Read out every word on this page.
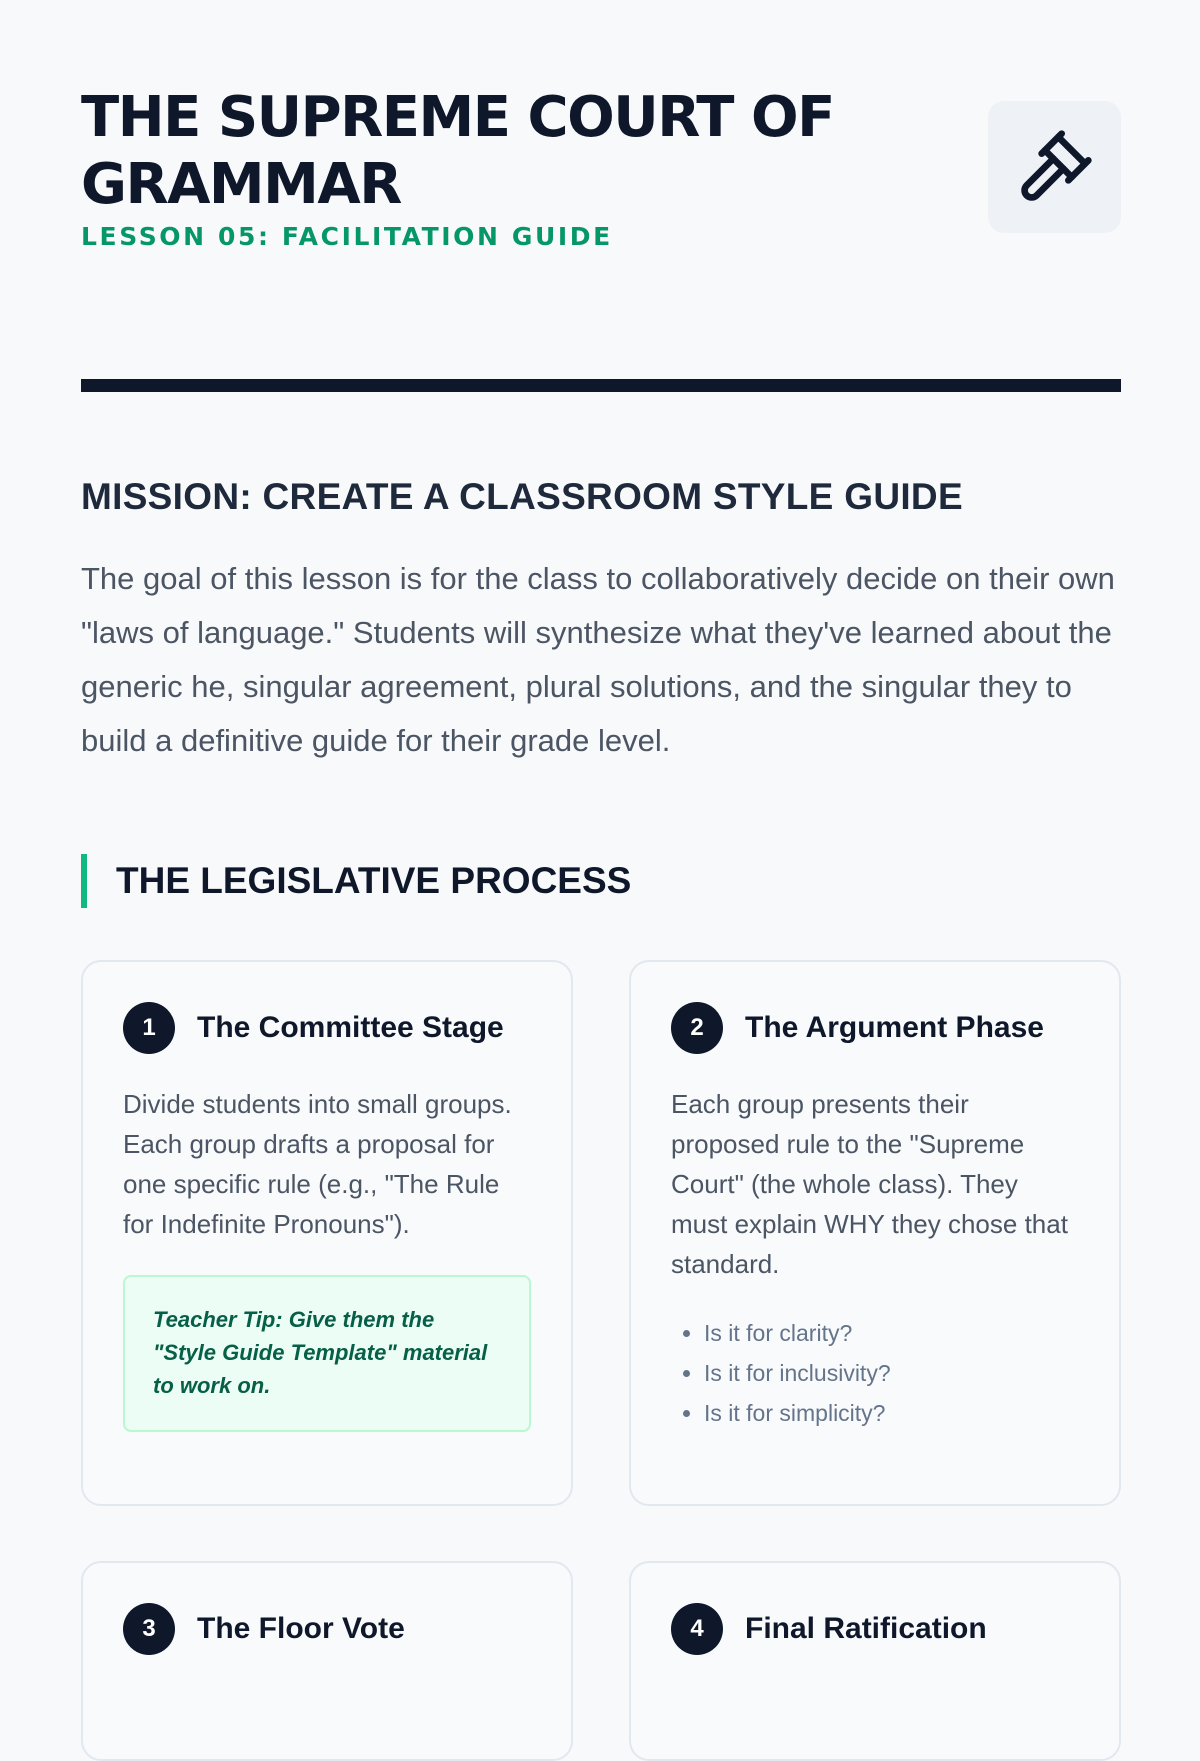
THE SUPREME COURT OF GRAMMAR
LESSON 05: FACILITATION GUIDE
MISSION: CREATE A CLASSROOM STYLE GUIDE
The goal of this lesson is for the class to collaboratively decide on their own "laws of language." Students will synthesize what they've learned about the generic he, singular agreement, plural solutions, and the singular they to build a definitive guide for their grade level.
THE LEGISLATIVE PROCESS
1	The Committee Stage
Divide students into small groups. Each group drafts a proposal for one specific rule (e.g., "The Rule for Indefinite Pronouns").
Teacher Tip: Give them the "Style Guide Template" material to work on.
2	The Argument Phase
Each group presents their proposed rule to the "Supreme Court" (the whole class). They must explain WHY they chose that standard.
• Is it for clarity?
• Is it for inclusivity?
• Is it for simplicity?
3	The Floor Vote	4	Final Ratification
